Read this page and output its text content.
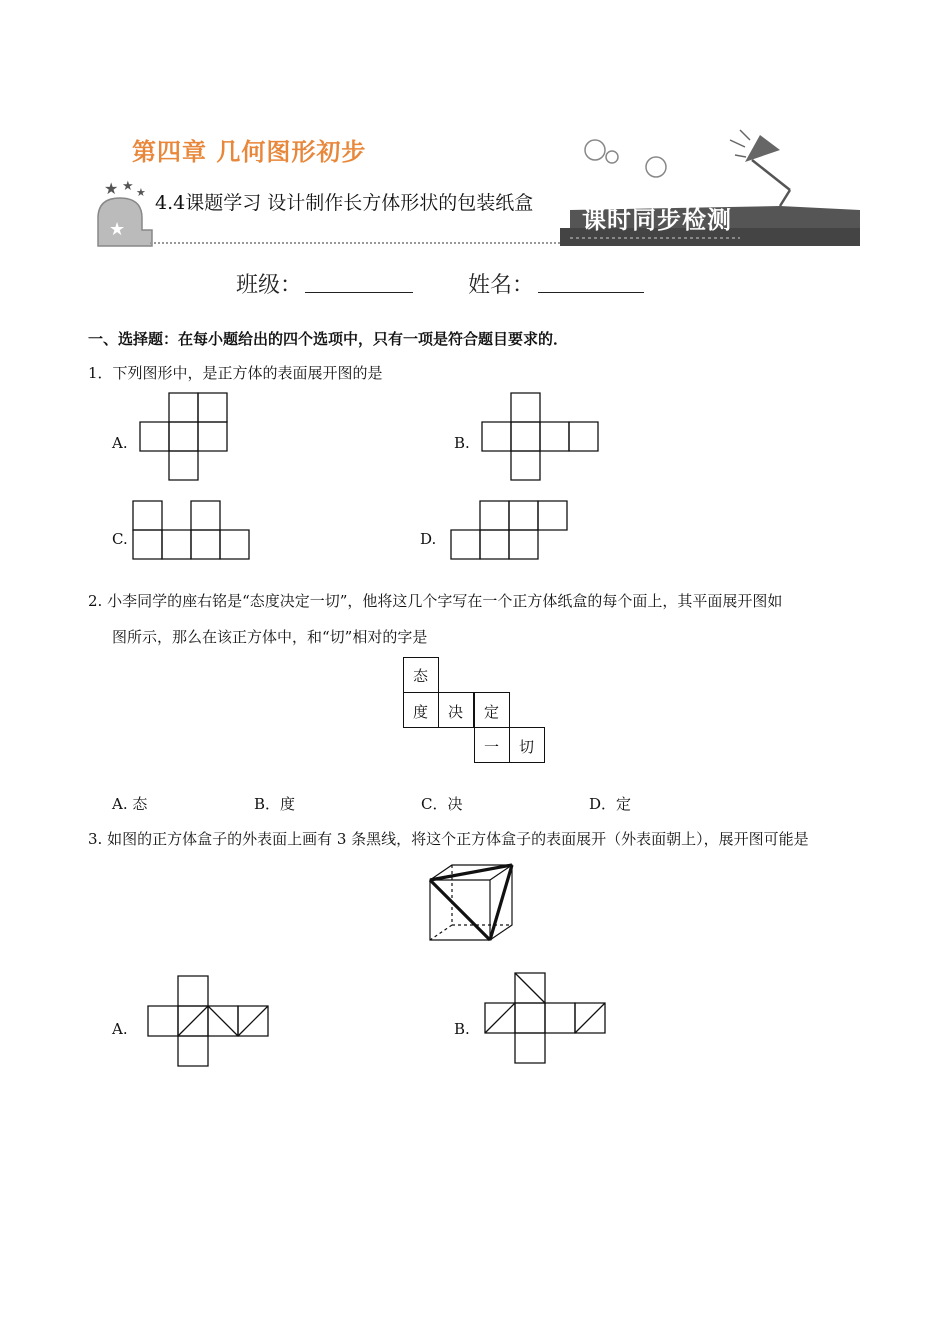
★ ★ ★
★
第四章 几何图形初步
4.4课题学习 设计制作长方体形状的包装纸盒
课时同步检测
班级：	姓名：
一、选择题：在每小题给出的四个选项中，只有一项是符合题目要求的．
1．下列图形中，是正方体的表面展开图的是
A.	B.
C.	D.
2. 小李同学的座右铭是“态度决定一切”，他将这几个字写在一个正方体纸盒的每个面上，其平面展开图如
图所示，那么在该正方体中，和“切”相对的字是
态
度 决 定
一 切
A. 态	B．度	C．决	D．定
3. 如图的正方体盒子的外表面上画有 3 条黑线，将这个正方体盒子的表面展开（外表面朝上），展开图可能是
A.	B.
